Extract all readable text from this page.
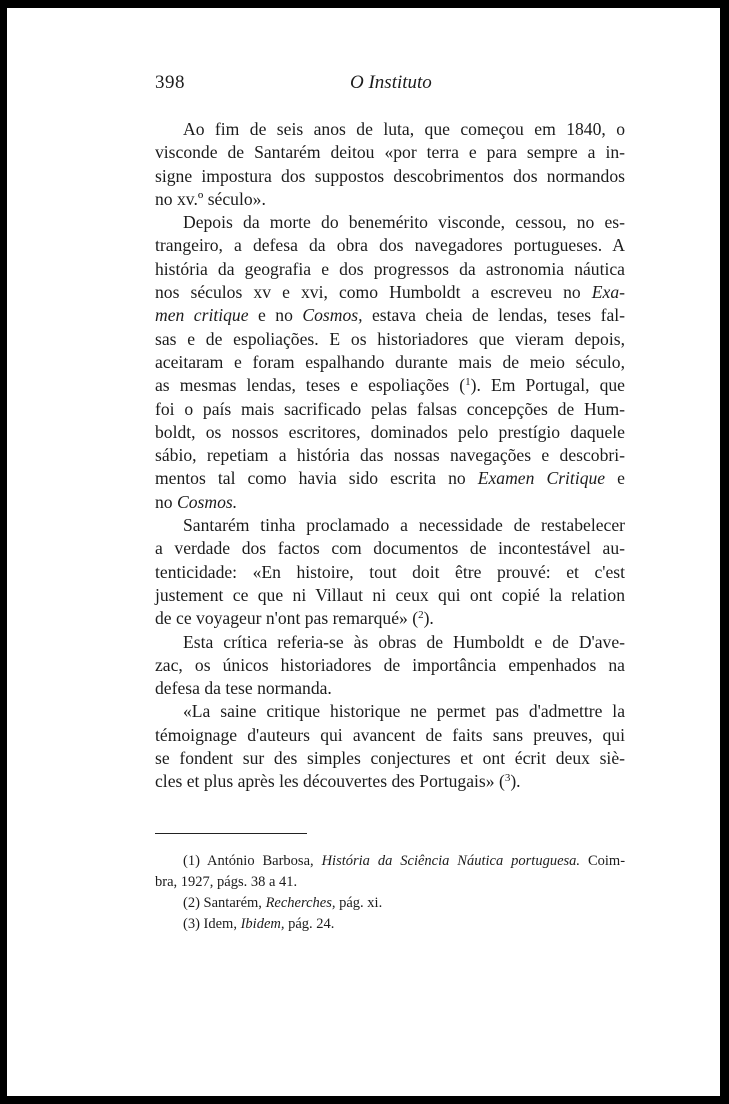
398	O Instituto
Ao fim de seis anos de luta, que começou em 1840, o
visconde de Santarém deitou «por terra e para sempre a in-
signe impostura dos suppostos descobrimentos dos normandos
no xv.º século».
Depois da morte do benemérito visconde, cessou, no es-
trangeiro, a defesa da obra dos navegadores portugueses. A
história da geografia e dos progressos da astronomia náutica
nos séculos xv e xvi, como Humboldt a escreveu no Exa-
men critique e no Cosmos, estava cheia de lendas, teses fal-
sas e de espoliações. E os historiadores que vieram depois,
aceitaram e foram espalhando durante mais de meio século,
as mesmas lendas, teses e espoliações ($^1$). Em Portugal, que
foi o país mais sacrificado pelas falsas concepções de Hum-
boldt, os nossos escritores, dominados pelo prestígio daquele
sábio, repetiam a história das nossas navegações e descobri-
mentos tal como havia sido escrita no Examen Critique e
no Cosmos.
Santarém tinha proclamado a necessidade de restabelecer
a verdade dos factos com documentos de incontestável au-
tenticidade: «En histoire, tout doit être prouvé: et c'est
justement ce que ni Villaut ni ceux qui ont copié la relation
de ce voyageur n'ont pas remarqué» ($^2$).
Esta crítica referia-se às obras de Humboldt e de D'ave-
zac, os únicos historiadores de importância empenhados na
defesa da tese normanda.
«La saine critique historique ne permet pas d'admettre la
témoignage d'auteurs qui avancent de faits sans preuves, qui
se fondent sur des simples conjectures et ont écrit deux siè-
cles et plus après les découvertes des Portugais» ($^3$).
(1) António Barbosa, História da Sciência Náutica portuguesa. Coim-
bra, 1927, págs. 38 a 41.
(2) Santarém, Recherches, pág. xi.
(3) Idem, Ibidem, pág. 24.
